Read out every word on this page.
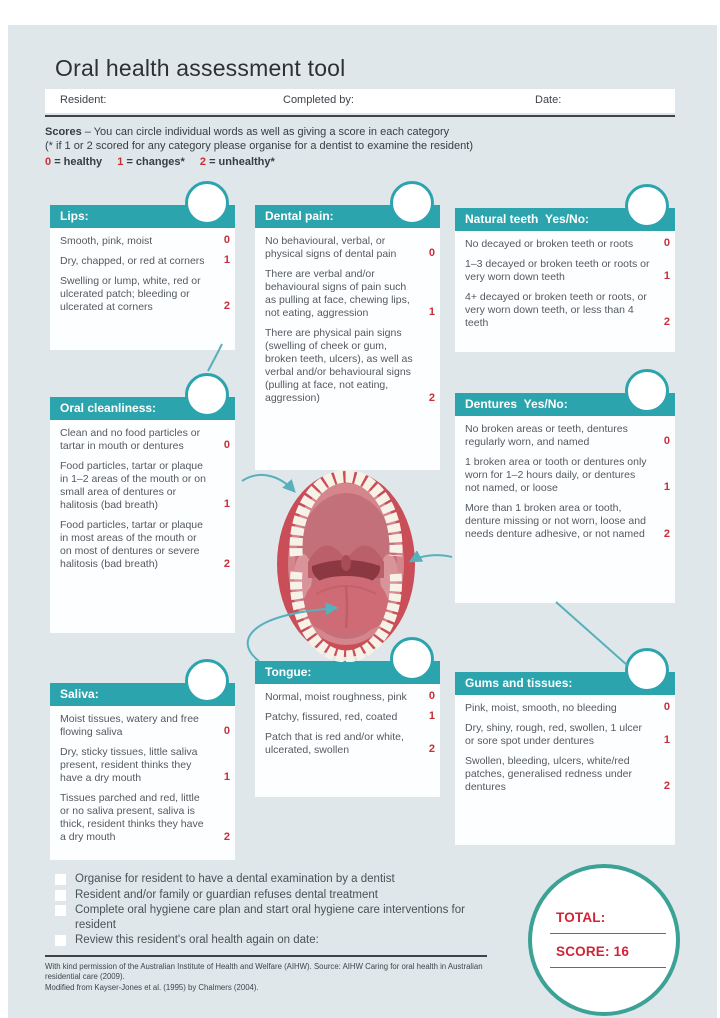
Oral health assessment tool
Resident:	Completed by:	Date:
Scores – You can circle individual words as well as giving a score in each category
(* if 1 or 2 scored for any category please organise for a dentist to examine the resident)
0 = healthy 1 = changes* 2 = unhealthy*
Lips:
Smooth, pink, moist	0
Dry, chapped, or red at corners 1
Swelling or lump, white, red or ulcerated patch; bleeding or ulcerated at corners	2
Dental pain:
No behavioural, verbal, or physical signs of dental pain	0
There are verbal and/or behavioural signs of pain such as pulling at face, chewing lips, not eating, aggression	1
There are physical pain signs (swelling of cheek or gum, broken teeth, ulcers), as well as verbal and/or behavioural signs (pulling at face, not eating, aggression)	2
Natural teeth  Yes/No:
No decayed or broken teeth or roots	0
1–3 decayed or broken teeth or roots or very worn down teeth	1
4+ decayed or broken teeth or roots, or very worn down teeth, or less than 4 teeth	2
Oral cleanliness:
Clean and no food particles or tartar in mouth or dentures	0
Food particles, tartar or plaque in 1–2 areas of the mouth or on small area of dentures or halitosis (bad breath)	1
Food particles, tartar or plaque in most areas of the mouth or on most of dentures or severe halitosis (bad breath)	2
Dentures  Yes/No:
No broken areas or teeth, dentures regularly worn, and named	0
1 broken area or tooth or dentures only worn for 1–2 hours daily, or dentures not named, or loose	1
More than 1 broken area or tooth, denture missing or not worn, loose and needs denture adhesive, or not named 2
Saliva:
Moist tissues, watery and free flowing saliva	0
Dry, sticky tissues, little saliva present, resident thinks they have a dry mouth	1
Tissues parched and red, little or no saliva present, saliva is thick, resident thinks they have a dry mouth	2
Tongue:
Normal, moist roughness, pink 0
Patchy, fissured, red, coated	1
Patch that is red and/or white, ulcerated, swollen	2
Gums and tissues:
Pink, moist, smooth, no bleeding	0
Dry, shiny, rough, red, swollen, 1 ulcer or sore spot under dentures	1
Swollen, bleeding, ulcers, white/red patches, generalised redness under dentures	2
Organise for resident to have a dental examination by a dentist
Resident and/or family or guardian refuses dental treatment
Complete oral hygiene care plan and start oral hygiene care interventions for resident
Review this resident's oral health again on date:
With kind permission of the Australian Institute of Health and Welfare (AIHW). Source: AIHW Caring for oral health in Australian residential care (2009).
Modified from Kayser-Jones et al. (1995) by Chalmers (2004).
TOTAL:
SCORE: 16
